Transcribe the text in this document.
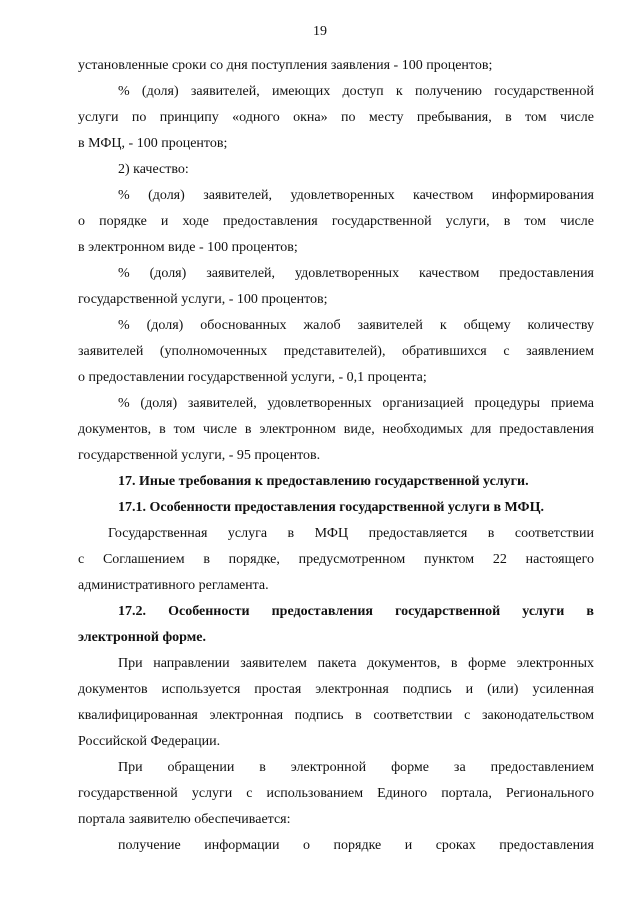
19
установленные сроки со дня поступления заявления - 100 процентов;
% (доля) заявителей, имеющих доступ к получению государственной
услуги по принципу «одного окна» по месту пребывания, в том числе
в МФЦ, - 100 процентов;
2) качество:
% (доля) заявителей, удовлетворенных качеством информирования
о порядке и ходе предоставления государственной услуги, в том числе
в электронном виде - 100 процентов;
% (доля) заявителей, удовлетворенных качеством предоставления
государственной услуги, - 100 процентов;
% (доля) обоснованных жалоб заявителей к общему количеству
заявителей (уполномоченных представителей), обратившихся с заявлением
о предоставлении государственной услуги, - 0,1 процента;
% (доля) заявителей, удовлетворенных организацией процедуры приема
документов, в том числе в электронном виде, необходимых для предоставления
государственной услуги, - 95 процентов.
17. Иные требования к предоставлению государственной услуги.
17.1. Особенности предоставления государственной услуги в МФЦ.
Государственная услуга в МФЦ предоставляется в соответствии
с Соглашением в порядке, предусмотренном пунктом 22 настоящего
административного регламента.
17.2. Особенности предоставления государственной услуги в
электронной форме.
При направлении заявителем пакета документов, в форме электронных
документов используется простая электронная подпись и (или) усиленная
квалифицированная электронная подпись в соответствии с законодательством
Российской Федерации.
При обращении в электронной форме за предоставлением
государственной услуги с использованием Единого портала, Регионального
портала заявителю обеспечивается:
получение информации о порядке и сроках предоставления
